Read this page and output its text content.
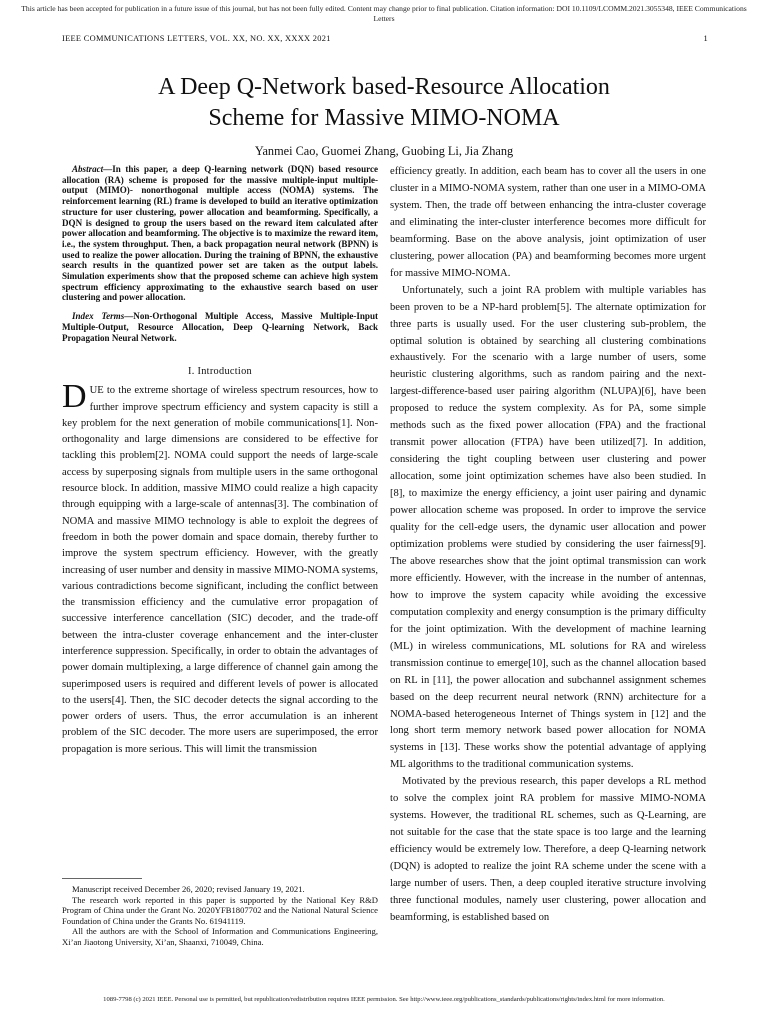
This article has been accepted for publication in a future issue of this journal, but has not been fully edited. Content may change prior to final publication. Citation information: DOI 10.1109/LCOMM.2021.3055348, IEEE Communications Letters
IEEE COMMUNICATIONS LETTERS, VOL. XX, NO. XX, XXXX 2021	1
A Deep Q-Network based-Resource Allocation
Scheme for Massive MIMO-NOMA
Yanmei Cao, Guomei Zhang, Guobing Li, Jia Zhang

Abstract—In this paper, a deep Q-learning network (DQN) based resource allocation (RA) scheme is proposed for the massive multiple-input multiple-output (MIMO)- nonorthogonal multiple access (NOMA) systems. The reinforcement learning (RL) frame is developed to build an iterative optimization structure for user clustering, power allocation and beamforming. Specifically, a DQN is designed to group the users based on the reward item calculated after power allocation and beamforming. The objective is to maximize the reward item, i.e., the system throughput. Then, a back propagation neural network (BPNN) is used to realize the power allocation. During the training of BPNN, the exhaustive search results in the quantized power set are taken as the output labels. Simulation experiments show that the proposed scheme can achieve high system spectrum efficiency approximating to the exhaustive search based on user clustering and power allocation.

Index Terms—Non-Orthogonal Multiple Access, Massive Multiple-Input Multiple-Output, Resource Allocation, Deep Q-learning Network, Back Propagation Neural Network.

I. Introduction

DUE to the extreme shortage of wireless spectrum resources, how to further improve spectrum efficiency and system capacity is still a key problem for the next generation of mobile communications[1]. Non-orthogonality and large dimensions are considered to be effective for tackling this problem[2]. NOMA could support the needs of large-scale access by superposing signals from multiple users in the same orthogonal resource block. In addition, massive MIMO could realize a high capacity through equipping with a large-scale of antennas[3]. The combination of NOMA and massive MIMO technology is able to exploit the degrees of freedom in both the power domain and space domain, thereby further to improve the system spectrum efficiency. However, with the greatly increasing of user number and density in massive MIMO-NOMA systems, various contradictions become significant, including the conflict between the transmission efficiency and the cumulative error propagation of successive interference cancellation (SIC) decoder, and the trade-off between the intra-cluster coverage enhancement and the inter-cluster interference suppression. Specifically, in order to obtain the advantages of power domain multiplexing, a large difference of channel gain among the superimposed users is required and different levels of power is allocated to the users[4]. Then, the SIC decoder detects the signal according to the power orders of users. Thus, the error accumulation is an inherent problem of the SIC decoder. The more users are superimposed, the error propagation is more serious. This will limit the transmission

Manuscript received December 26, 2020; revised January 19, 2021.

The research work reported in this paper is supported by the National Key R&D Program of China under the Grant No. 2020YFB1807702 and the National Natural Science Foundation of China under the Grants No. 61941119.

All the authors are with the School of Information and Communications Engineering, Xi’an Jiaotong University, Xi’an, Shaanxi, 710049, China.

efficiency greatly. In addition, each beam has to cover all the users in one cluster in a MIMO-NOMA system, rather than one user in a MIMO-OMA system. Then, the trade off between enhancing the intra-cluster coverage and eliminating the inter-cluster interference becomes more difficult for beamforming. Base on the above analysis, joint optimization of user clustering, power allocation (PA) and beamforming becomes more urgent for massive MIMO-NOMA.

Unfortunately, such a joint RA problem with multiple variables has been proven to be a NP-hard problem[5]. The alternate optimization for three parts is usually used. For the user clustering sub-problem, the optimal solution is obtained by searching all clustering combinations exhaustively. For the scenario with a large number of users, some heuristic clustering algorithms, such as random pairing and the next-largest-difference-based user pairing algorithm (NLUPA)[6], have been proposed to reduce the system complexity. As for PA, some simple methods such as the fixed power allocation (FPA) and the fractional transmit power allocation (FTPA) have been utilized[7]. In addition, considering the tight coupling between user clustering and power allocation, some joint optimization schemes have also been studied. In [8], to maximize the energy efficiency, a joint user pairing and dynamic power allocation scheme was proposed. In order to improve the service quality for the cell-edge users, the dynamic user allocation and power optimization problems were studied by considering the user fairness[9]. The above researches show that the joint optimal transmission can work more efficiently. However, with the increase in the number of antennas, how to improve the system capacity while avoiding the excessive computation complexity and energy consumption is the primary difficulty for the joint optimization. With the development of machine learning (ML) in wireless communications, ML solutions for RA and wireless transmission continue to emerge[10], such as the channel allocation based on RL in [11], the power allocation and subchannel assignment schemes based on the deep recurrent neural network (RNN) architecture for a NOMA-based heterogeneous Internet of Things system in [12] and the long short term memory network based power allocation for NOMA systems in [13]. These works show the potential advantage of applying ML algorithms to the traditional communication systems.

Motivated by the previous research, this paper develops a RL method to solve the complex joint RA problem for massive MIMO-NOMA systems. However, the traditional RL schemes, such as Q-Learning, are not suitable for the case that the state space is too large and the learning efficiency would be extremely low. Therefore, a deep Q-learning network (DQN) is adopted to realize the joint RA scheme under the scene with a large number of users. Then, a deep coupled iterative structure involving three functional modules, namely user clustering, power allocation and beamforming, is established based on

1089-7798 (c) 2021 IEEE. Personal use is permitted, but republication/redistribution requires IEEE permission. See http://www.ieee.org/publications_standards/publications/rights/index.html for more information.
